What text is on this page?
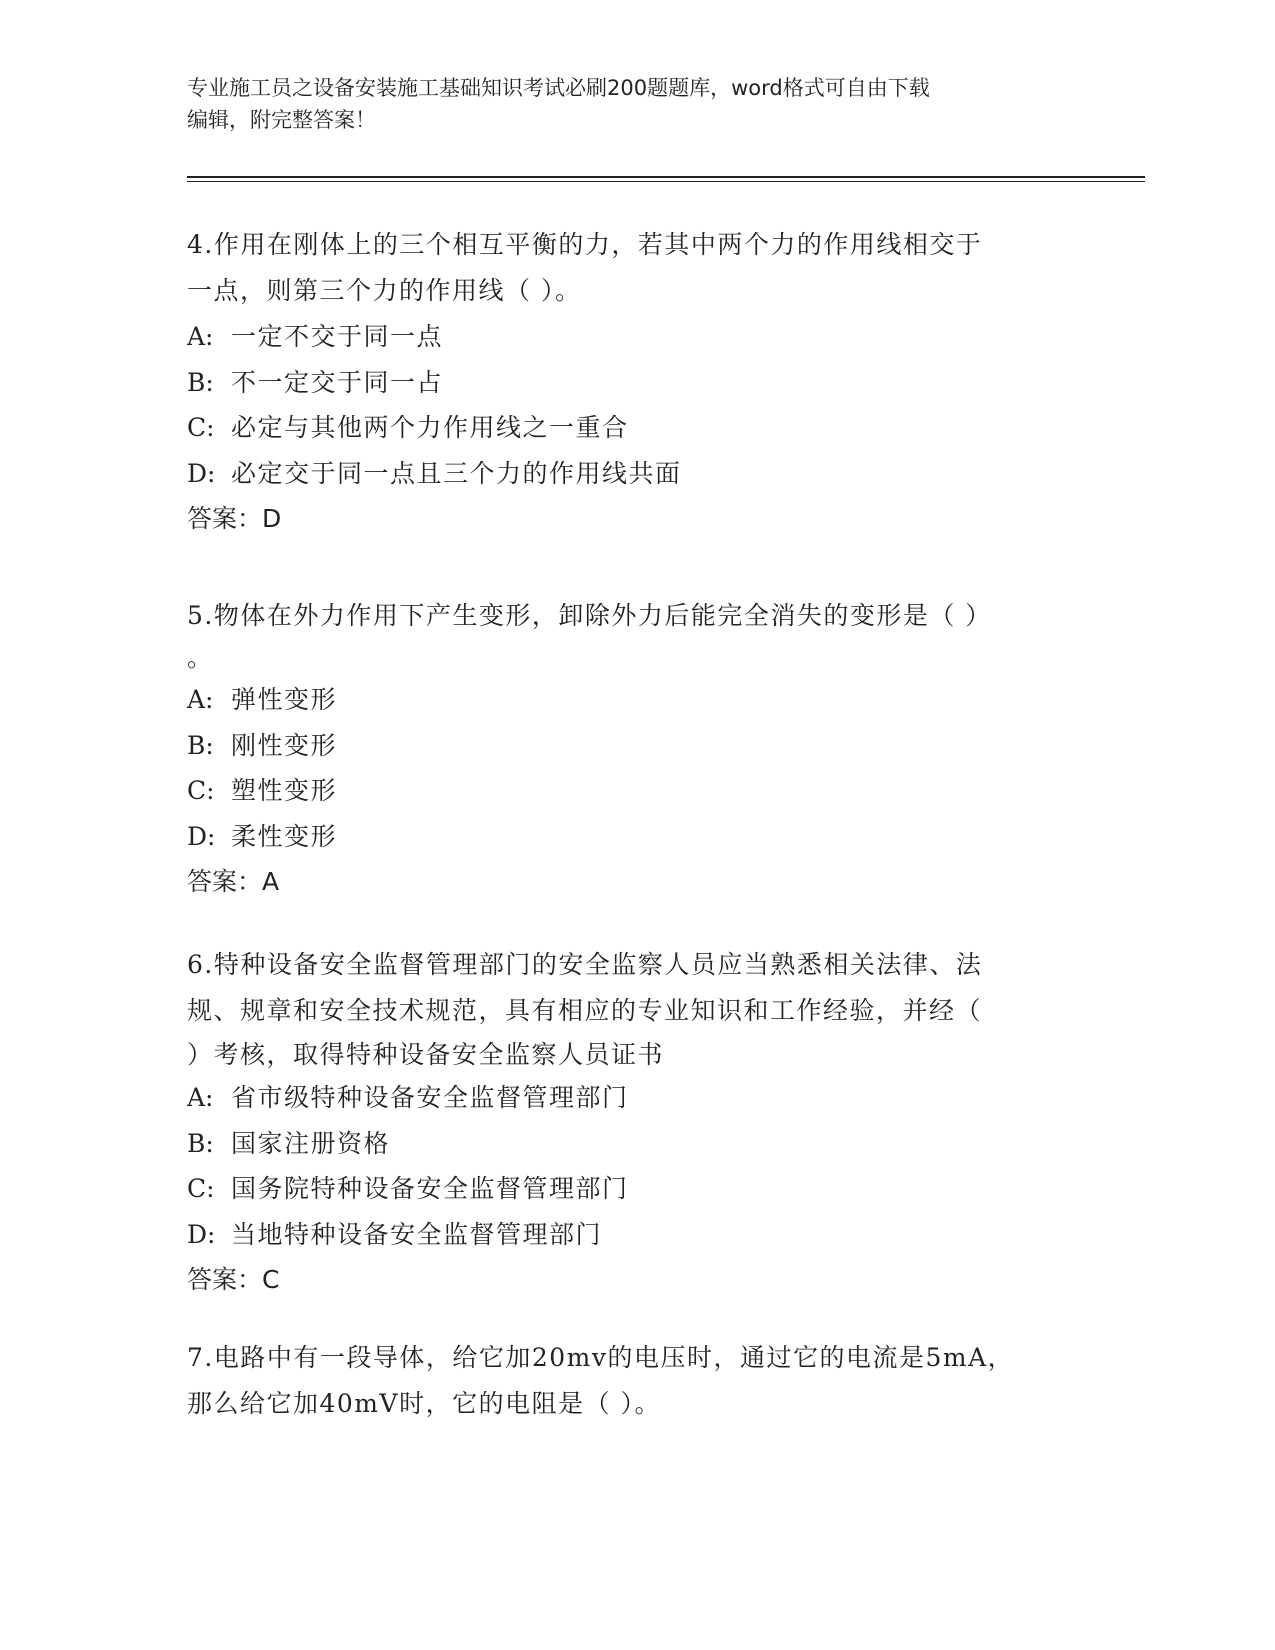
专业施工员之设备安装施工基础知识考试必刷200题题库，word格式可自由下载
编辑，附完整答案！
4.作用在刚体上的三个相互平衡的力，若其中两个力的作用线相交于
一点，则第三个力的作用线（ ）。
A: 一定不交于同一点
B: 不一定交于同一占
C: 必定与其他两个力作用线之一重合
D: 必定交于同一点且三个力的作用线共面
答案：D
5.物体在外力作用下产生变形，卸除外力后能完全消失的变形是（ ）
。
A: 弹性变形
B: 刚性变形
C: 塑性变形
D: 柔性变形
答案：A
6.特种设备安全监督管理部门的安全监察人员应当熟悉相关法律、法
规、规章和安全技术规范，具有相应的专业知识和工作经验，并经（
）考核，取得特种设备安全监察人员证书
A: 省市级特种设备安全监督管理部门
B: 国家注册资格
C: 国务院特种设备安全监督管理部门
D: 当地特种设备安全监督管理部门
答案：C
7.电路中有一段导体，给它加20mv的电压时，通过它的电流是5mA，
那么给它加40mV时，它的电阻是（ ）。
